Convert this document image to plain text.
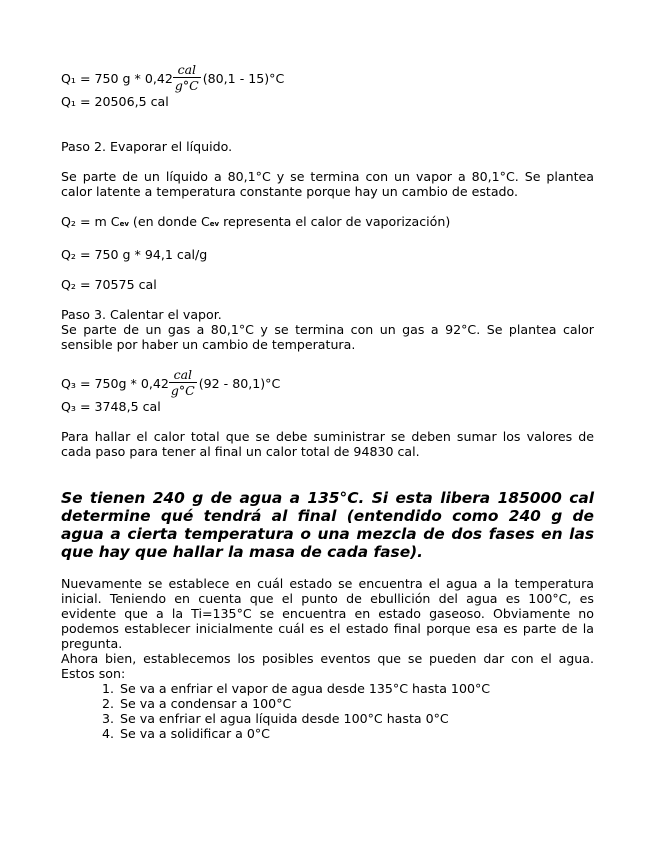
Q₁ = 750 g * $0,42 \frac{\text{cal}}{g^\circ C} (80,1 - 15)^\circ C$
Q₁ = 20506,5 cal
Paso 2. Evaporar el líquido.
Se parte de un líquido a 80,1°C y se termina con un vapor a 80,1°C. Se plantea calor latente a temperatura constante porque hay un cambio de estado.
Q₂ = m Cev (en donde Cev representa el calor de vaporización)
Q₂ = 750 g * 94,1 cal/g
Q₂ = 70575 cal
Paso 3. Calentar el vapor.
Se parte de un gas a 80,1°C y se termina con un gas a 92°C. Se plantea calor sensible por haber un cambio de temperatura.
$Q_3 = 750g * 0,42 \frac{\text{cal}}{g^\circ C} (92 - 80,1)^\circ C$
Q₃ = 3748,5 cal
Para hallar el calor total que se debe suministrar se deben sumar los valores de cada paso para tener al final un calor total de 94830 cal.
Se tienen 240 g de agua a 135°C. Si esta libera 185000 cal determine qué tendrá al final (entendido como 240 g de agua a cierta temperatura o una mezcla de dos fases en las que hay que hallar la masa de cada fase).
Nuevamente se establece en cuál estado se encuentra el agua a la temperatura inicial. Teniendo en cuenta que el punto de ebullición del agua es 100°C, es evidente que a la Ti=135°C se encuentra en estado gaseoso. Obviamente no podemos establecer inicialmente cuál es el estado final porque esa es parte de la pregunta.
Ahora bien, establecemos los posibles eventos que se pueden dar con el agua. Estos son:
1. Se va a enfriar el vapor de agua desde 135°C hasta 100°C
2. Se va a condensar a 100°C
3. Se va enfriar el agua líquida desde 100°C hasta 0°C
4. Se va a solidificar a 0°C
